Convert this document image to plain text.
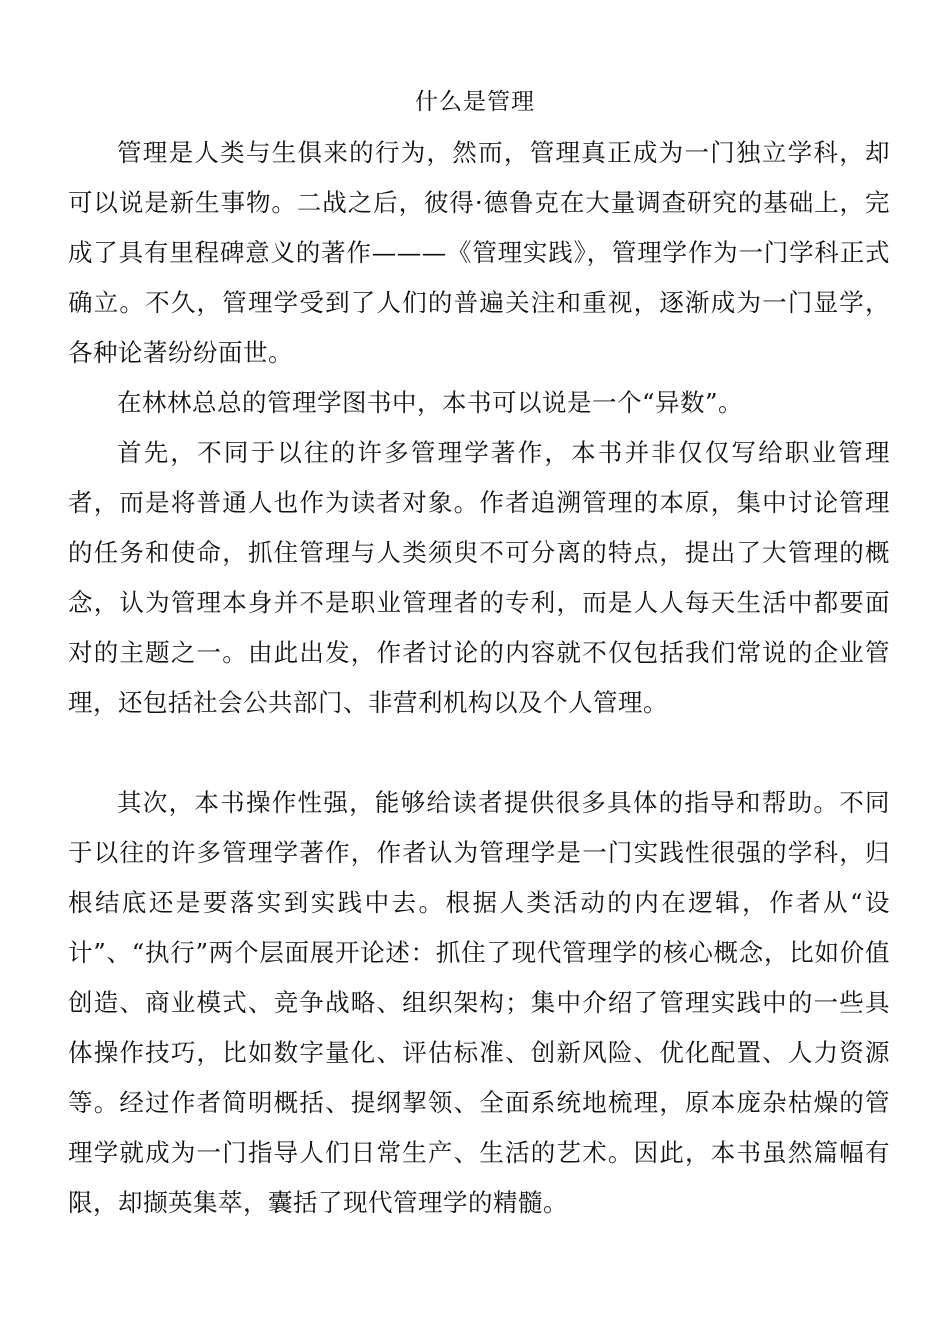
什么是管理

管理是人类与生俱来的行为，然而，管理真正成为一门独立学科，却可以说是新生事物。二战之后，彼得·德鲁克在大量调查研究的基础上，完成了具有里程碑意义的著作———《管理实践》，管理学作为一门学科正式确立。不久，管理学受到了人们的普遍关注和重视，逐渐成为一门显学，各种论著纷纷面世。

在林林总总的管理学图书中，本书可以说是一个“异数”。

首先，不同于以往的许多管理学著作，本书并非仅仅写给职业管理者，而是将普通人也作为读者对象。作者追溯管理的本原，集中讨论管理的任务和使命，抓住管理与人类须臾不可分离的特点，提出了大管理的概念，认为管理本身并不是职业管理者的专利，而是人人每天生活中都要面对的主题之一。由此出发，作者讨论的内容就不仅包括我们常说的企业管理，还包括社会公共部门、非营利机构以及个人管理。

其次，本书操作性强，能够给读者提供很多具体的指导和帮助。不同于以往的许多管理学著作，作者认为管理学是一门实践性很强的学科，归根结底还是要落实到实践中去。根据人类活动的内在逻辑，作者从“设计”、“执行”两个层面展开论述：抓住了现代管理学的核心概念，比如价值创造、商业模式、竞争战略、组织架构；集中介绍了管理实践中的一些具体操作技巧，比如数字量化、评估标准、创新风险、优化配置、人力资源等。经过作者简明概括、提纲挈领、全面系统地梳理，原本庞杂枯燥的管理学就成为一门指导人们日常生产、生活的艺术。因此，本书虽然篇幅有限，却撷英集萃，囊括了现代管理学的精髓。
